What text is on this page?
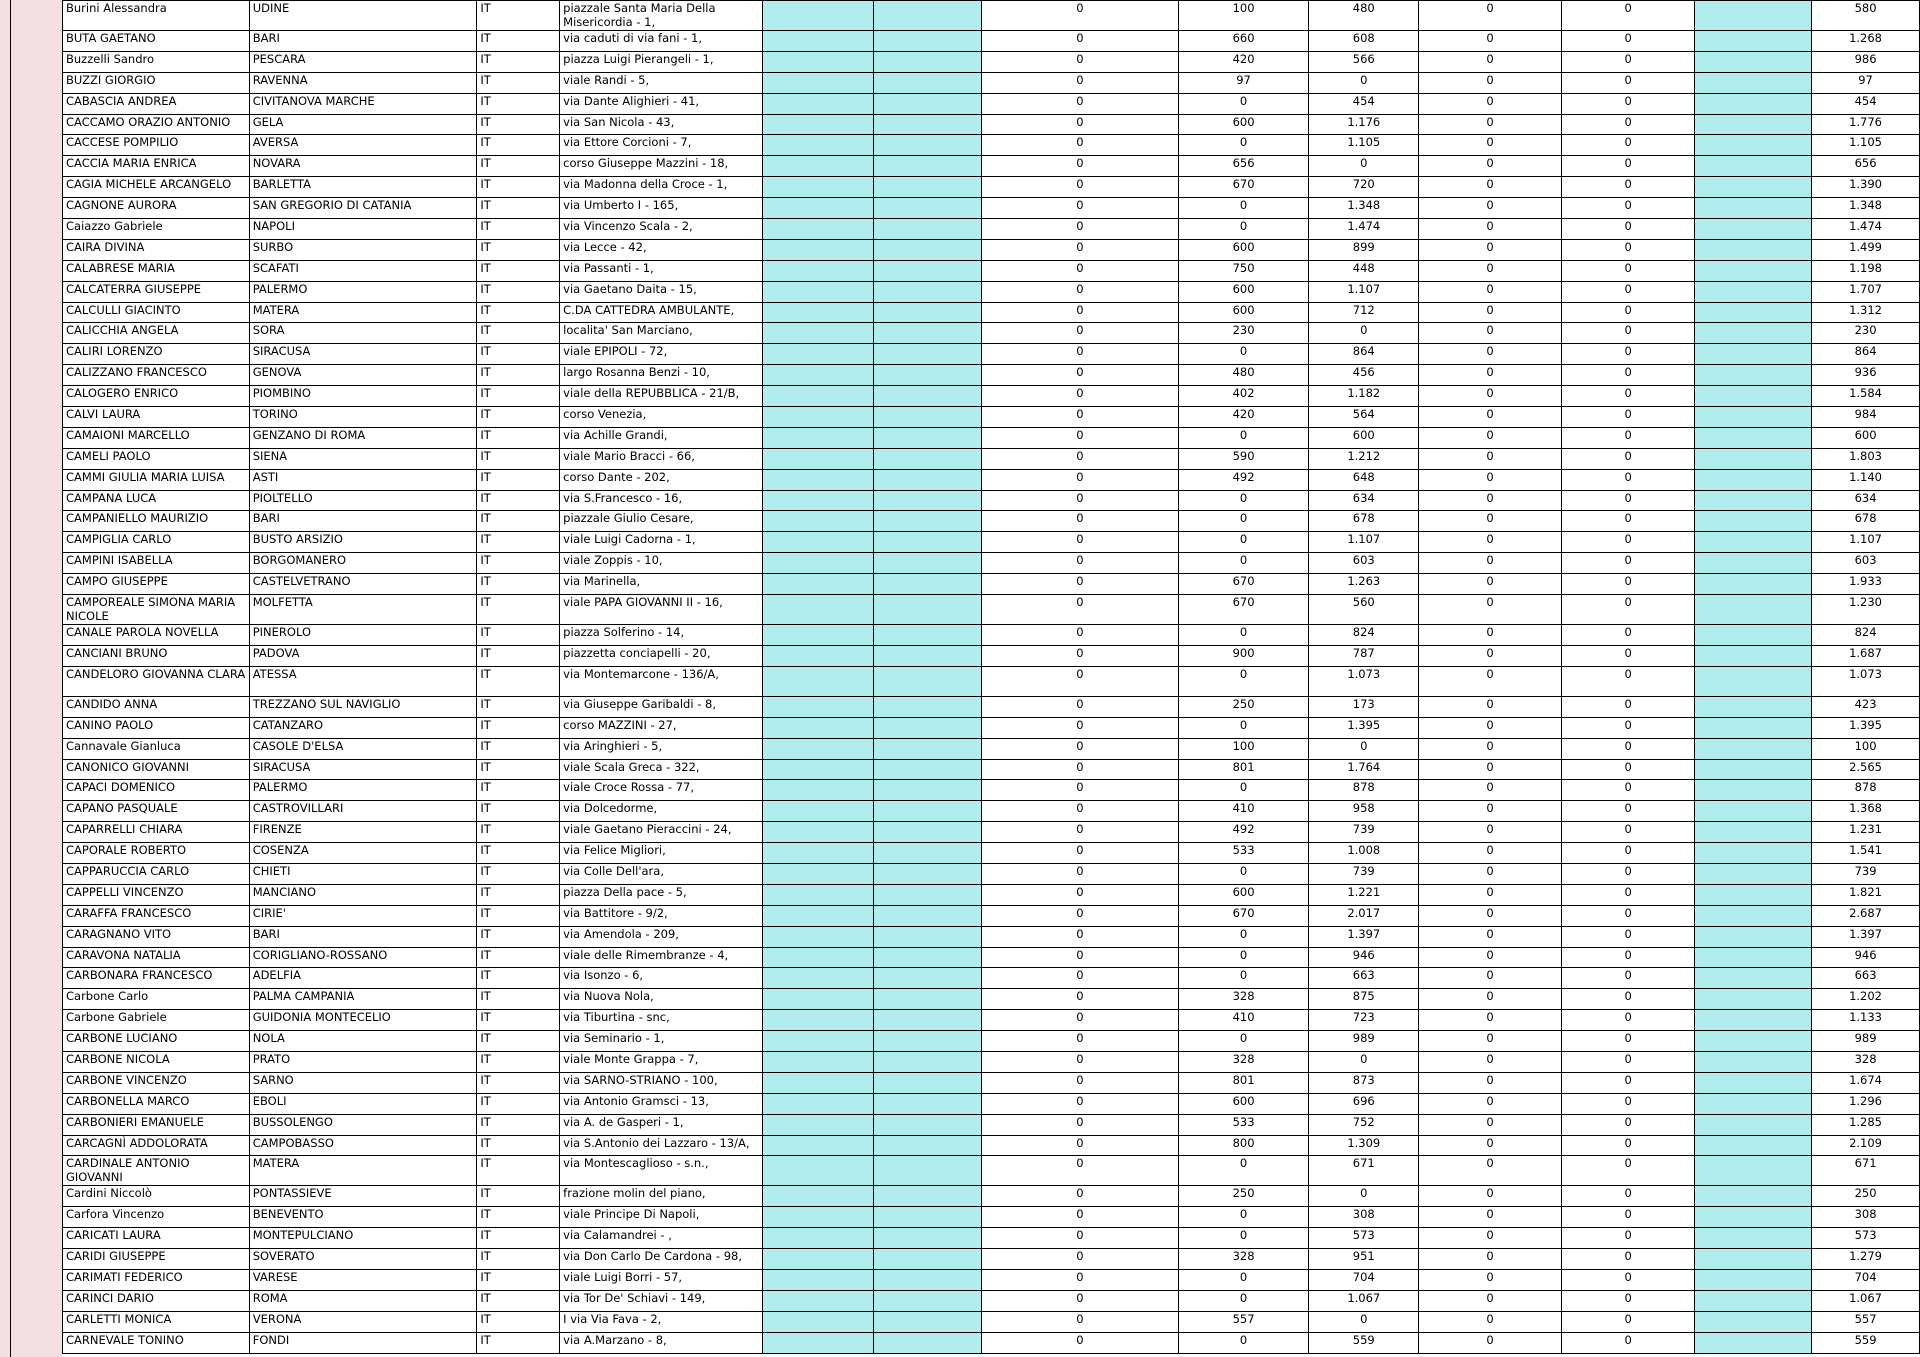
Burini Alessandra	UDINE	IT	piazzale Santa Maria Della Misericordia - 1,			0	100	480	0	0		580
BUTA GAETANO	BARI	IT	via caduti di via fani - 1,			0	660	608	0	0		1.268
Buzzelli Sandro	PESCARA	IT	piazza Luigi Pierangeli - 1,			0	420	566	0	0		986
BUZZI GIORGIO	RAVENNA	IT	viale Randi - 5,			0	97	0	0	0		97
CABASCIA ANDREA	CIVITANOVA MARCHE	IT	via Dante Alighieri - 41,			0	0	454	0	0		454
CACCAMO ORAZIO ANTONIO	GELA	IT	via San Nicola - 43,			0	600	1.176	0	0		1.776
CACCESE POMPILIO	AVERSA	IT	via Ettore Corcioni - 7,			0	0	1.105	0	0		1.105
CACCIA MARIA ENRICA	NOVARA	IT	corso Giuseppe Mazzini - 18,			0	656	0	0	0		656
CAGIA MICHELE ARCANGELO	BARLETTA	IT	via Madonna della Croce - 1,			0	670	720	0	0		1.390
CAGNONE AURORA	SAN GREGORIO DI CATANIA	IT	via Umberto I - 165,			0	0	1.348	0	0		1.348
Caiazzo Gabriele	NAPOLI	IT	via Vincenzo Scala - 2,			0	0	1.474	0	0		1.474
CAIRA DIVINA	SURBO	IT	via Lecce - 42,			0	600	899	0	0		1.499
CALABRESE MARIA	SCAFATI	IT	via Passanti - 1,			0	750	448	0	0		1.198
CALCATERRA GIUSEPPE	PALERMO	IT	via Gaetano Daita - 15,			0	600	1.107	0	0		1.707
CALCULLI GIACINTO	MATERA	IT	C.DA CATTEDRA AMBULANTE,			0	600	712	0	0		1.312
CALICCHIA ANGELA	SORA	IT	localita' San Marciano,			0	230	0	0	0		230
CALIRI LORENZO	SIRACUSA	IT	viale EPIPOLI - 72,			0	0	864	0	0		864
CALIZZANO FRANCESCO	GENOVA	IT	largo Rosanna Benzi - 10,			0	480	456	0	0		936
CALOGERO ENRICO	PIOMBINO	IT	viale della REPUBBLICA - 21/B,			0	402	1.182	0	0		1.584
CALVI LAURA	TORINO	IT	corso Venezia,			0	420	564	0	0		984
CAMAIONI MARCELLO	GENZANO DI ROMA	IT	via Achille Grandi,			0	0	600	0	0		600
CAMELI PAOLO	SIENA	IT	viale Mario Bracci - 66,			0	590	1.212	0	0		1.803
CAMMI GIULIA MARIA LUISA	ASTI	IT	corso Dante - 202,			0	492	648	0	0		1.140
CAMPANA LUCA	PIOLTELLO	IT	via S.Francesco - 16,			0	0	634	0	0		634
CAMPANIELLO MAURIZIO	BARI	IT	piazzale Giulio Cesare,			0	0	678	0	0		678
CAMPIGLIA CARLO	BUSTO ARSIZIO	IT	viale Luigi Cadorna - 1,			0	0	1.107	0	0		1.107
CAMPINI ISABELLA	BORGOMANERO	IT	viale Zoppis - 10,			0	0	603	0	0		603
CAMPO GIUSEPPE	CASTELVETRANO	IT	via Marinella,			0	670	1.263	0	0		1.933
CAMPOREALE SIMONA MARIA NICOLE	MOLFETTA	IT	viale PAPA GIOVANNI II - 16,			0	670	560	0	0		1.230
CANALE PAROLA NOVELLA	PINEROLO	IT	piazza Solferino - 14,			0	0	824	0	0		824
CANCIANI BRUNO	PADOVA	IT	piazzetta conciapelli - 20,			0	900	787	0	0		1.687
CANDELORO GIOVANNA CLARA	ATESSA	IT	via Montemarcone - 136/A,			0	0	1.073	0	0		1.073
CANDIDO ANNA	TREZZANO SUL NAVIGLIO	IT	via Giuseppe Garibaldi - 8,			0	250	173	0	0		423
CANINO PAOLO	CATANZARO	IT	corso MAZZINI - 27,			0	0	1.395	0	0		1.395
Cannavale Gianluca	CASOLE D'ELSA	IT	via Aringhieri - 5,			0	100	0	0	0		100
CANONICO GIOVANNI	SIRACUSA	IT	viale Scala Greca - 322,			0	801	1.764	0	0		2.565
CAPACI DOMENICO	PALERMO	IT	viale Croce Rossa - 77,			0	0	878	0	0		878
CAPANO PASQUALE	CASTROVILLARI	IT	via Dolcedorme,			0	410	958	0	0		1.368
CAPARRELLI CHIARA	FIRENZE	IT	viale Gaetano Pieraccini - 24,			0	492	739	0	0		1.231
CAPORALE ROBERTO	COSENZA	IT	via Felice Migliori,			0	533	1.008	0	0		1.541
CAPPARUCCIA CARLO	CHIETI	IT	via Colle Dell'ara,			0	0	739	0	0		739
CAPPELLI VINCENZO	MANCIANO	IT	piazza Della pace - 5,			0	600	1.221	0	0		1.821
CARAFFA FRANCESCO	CIRIE'	IT	via Battitore - 9/2,			0	670	2.017	0	0		2.687
CARAGNANO VITO	BARI	IT	via Amendola - 209,			0	0	1.397	0	0		1.397
CARAVONA NATALIA	CORIGLIANO-ROSSANO	IT	viale delle Rimembranze - 4,			0	0	946	0	0		946
CARBONARA FRANCESCO	ADELFIA	IT	via Isonzo - 6,			0	0	663	0	0		663
Carbone Carlo	PALMA CAMPANIA	IT	via Nuova Nola,			0	328	875	0	0		1.202
Carbone Gabriele	GUIDONIA MONTECELIO	IT	via Tiburtina - snc,			0	410	723	0	0		1.133
CARBONE LUCIANO	NOLA	IT	via Seminario - 1,			0	0	989	0	0		989
CARBONE NICOLA	PRATO	IT	viale Monte Grappa - 7,			0	328	0	0	0		328
CARBONE VINCENZO	SARNO	IT	via SARNO-STRIANO - 100,			0	801	873	0	0		1.674
CARBONELLA MARCO	EBOLI	IT	via Antonio Gramsci - 13,			0	600	696	0	0		1.296
CARBONIERI EMANUELE	BUSSOLENGO	IT	via A. de Gasperi - 1,			0	533	752	0	0		1.285
CARCAGNÌ ADDOLORATA	CAMPOBASSO	IT	via S.Antonio dei Lazzaro - 13/A,			0	800	1.309	0	0		2.109
CARDINALE ANTONIO GIOVANNI	MATERA	IT	via Montescaglioso - s.n.,			0	0	671	0	0		671
Cardini Niccolò	PONTASSIEVE	IT	frazione molin del piano,			0	250	0	0	0		250
Carfora Vincenzo	BENEVENTO	IT	viale Principe Di Napoli,			0	0	308	0	0		308
CARICATI LAURA	MONTEPULCIANO	IT	via Calamandrei - ,			0	0	573	0	0		573
CARIDI GIUSEPPE	SOVERATO	IT	via Don Carlo De Cardona - 98,			0	328	951	0	0		1.279
CARIMATI FEDERICO	VARESE	IT	viale Luigi Borri - 57,			0	0	704	0	0		704
CARINCI DARIO	ROMA	IT	via Tor De' Schiavi - 149,			0	0	1.067	0	0		1.067
CARLETTI MONICA	VERONA	IT	I via Via Fava - 2,			0	557	0	0	0		557
CARNEVALE TONINO	FONDI	IT	via A.Marzano - 8,			0	0	559	0	0		559
